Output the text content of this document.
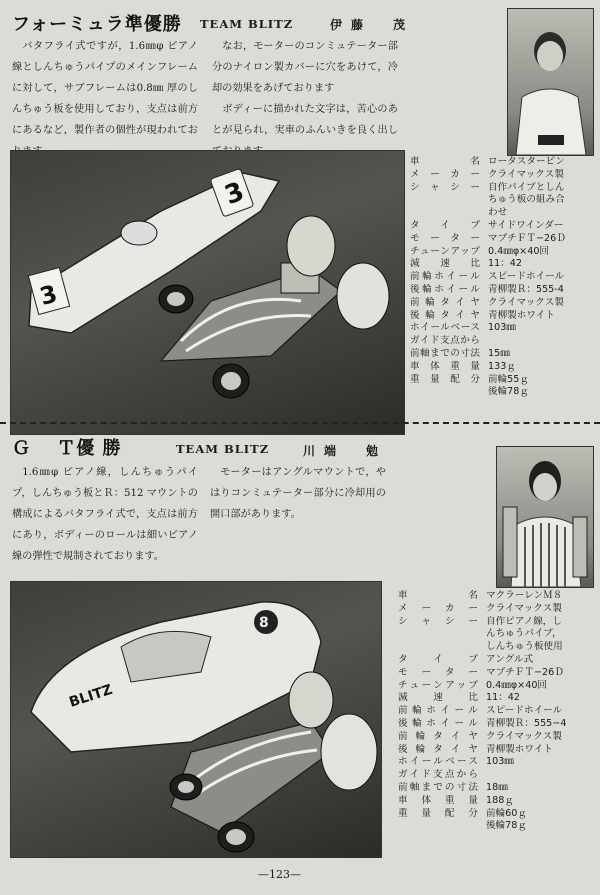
フォーミュラ準優勝 TEAM BLITZ	伊藤　茂

バタフライ式ですが，1.6㎜φ ピアノ線としんちゅうパイプのメインフレームに対して，サブフレームは0.8㎜ 厚のしんちゅう板を使用しており，支点は前方にあるなど，製作者の個性が現われてお

なお，モーターのコンミュテーター部分のナイロン製カバーに穴をあけて，冷却の効果をあげております

ボディーに描かれた文字は，苦心のあとが見られ，実車のふんいきを良く出し

3
3
車　　　名 ロータスターピン
メ ー カ ー クライマックス製
シ ャ シ ー 自作パイプとしん
ちゅう板の組み合
わせ
タ イ プ サイドワインダー
モ ー タ ー マブチＦＴ−26Ｄ
チューンアップ 0.4㎜φ×40回
減 速 比 11：42
前輪ホイール スピードホイール
後輪ホイール 青柳製Ｒ：555-4
前輪タイヤ クライマックス製
後輪タイヤ 青柳製ホワイト
ホイールベース 103㎜
ガイド支点から
前軸までの寸法 15㎜
車 体 重 量 133ｇ
重 量 配 分 前輪55ｇ
後輪78ｇ
Ｇ　 Ｔ優 勝	TEAM BLITZ	川端　勉

1.6㎜φ ピアノ線，しんちゅうパイプ，しんちゅう板とＲ：512 マウントの構成によるバタフライ式で，支点は前方にあり，ボディーのロールは細いピアノ線の弾性で規制されております。

モーターはアングルマウントで，やはりコンミュテーター部分に冷却用の開口部があります。

8
BLITZ
車　　　名 マクラーレンＭ８
メ ー カ ー クライマックス製
シ ャ シ ー 自作ピアノ線，し
んちゅうパイプ，
しんちゅう板使用
タ イ プ アングル式
モ ー タ ー マブチＦＴ−26Ｄ
チューンアップ 0.4㎜φ×40回
減 速 比 11：42
前輪ホイール スピードホイール
後輪ホイール 青柳製Ｒ：555−4
前輪タイヤ クライマックス製
後輪タイヤ 青柳製ホワイト
ホイールベース 103㎜
ガイド支点から
前軸までの寸法 18㎜
車 体 重 量 188ｇ
重 量 配 分 前輪60ｇ
後輪78ｇ
—123—
